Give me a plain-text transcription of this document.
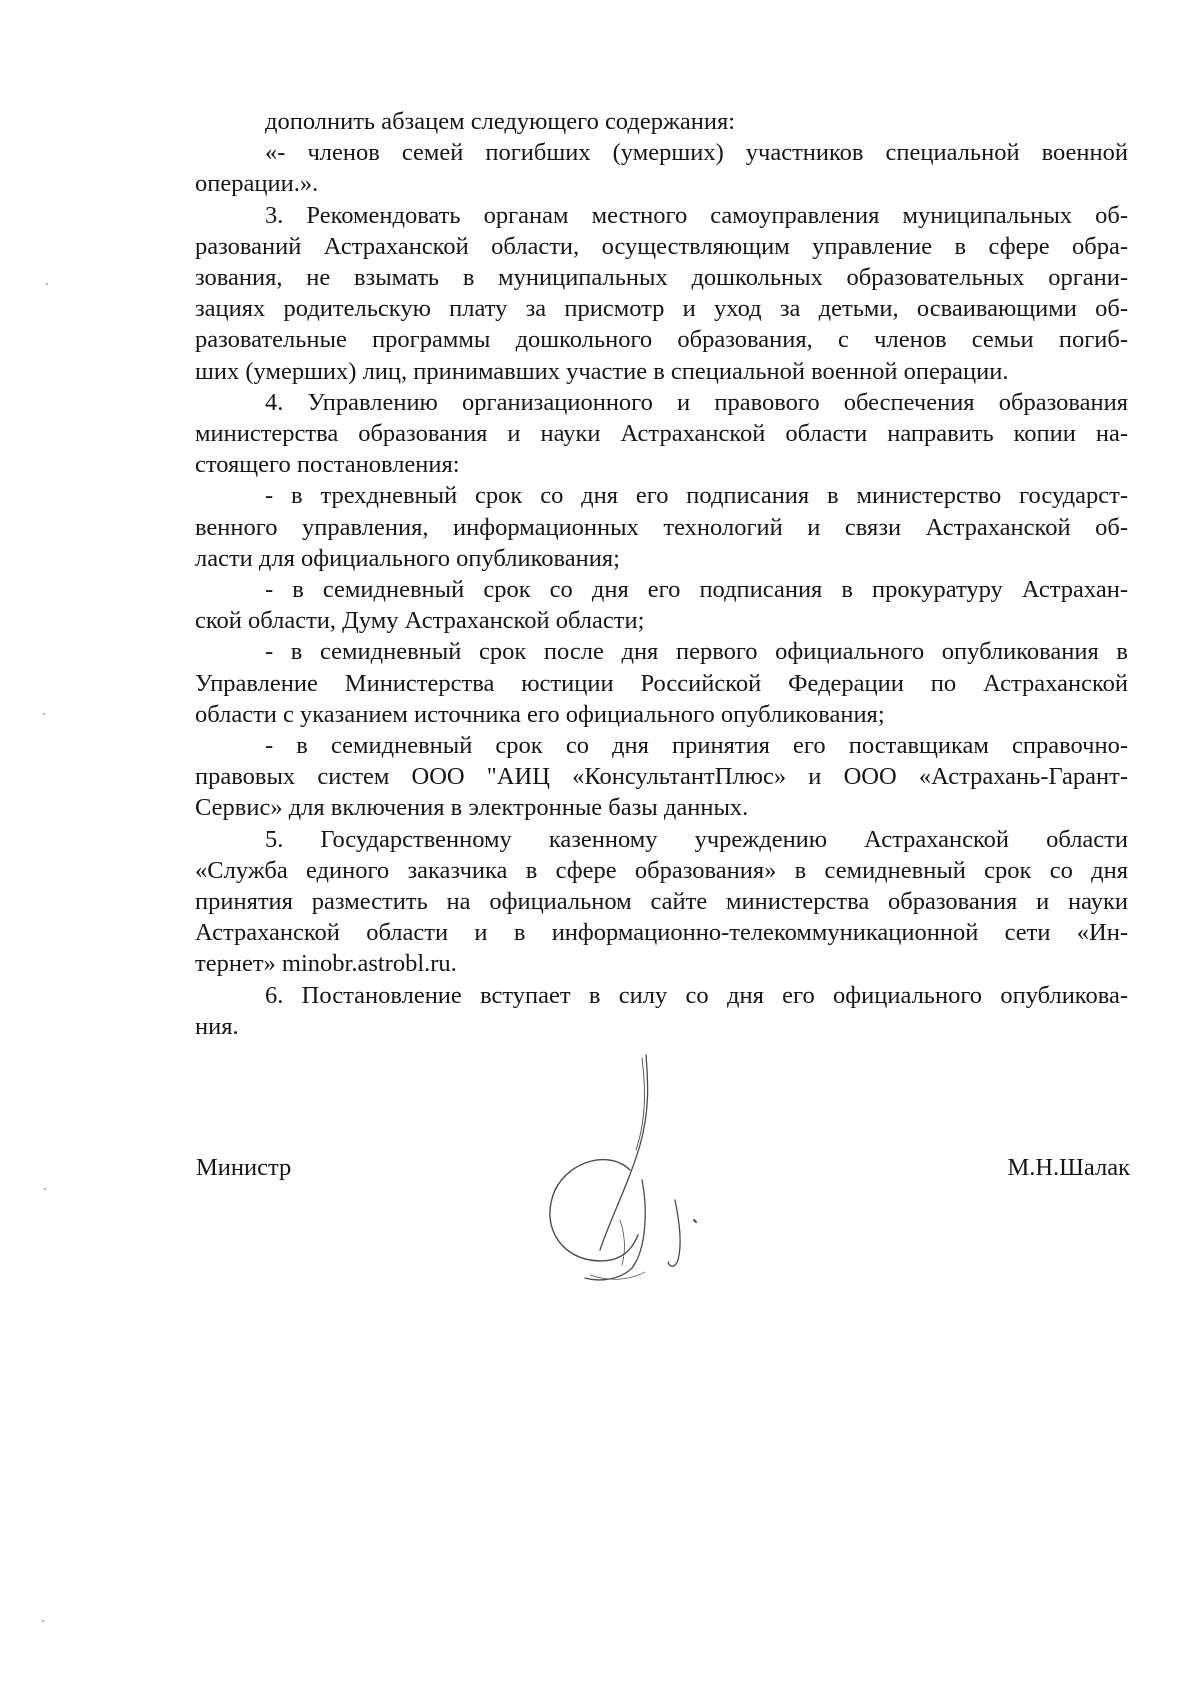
дополнить абзацем следующего содержания:
«- членов семей погибших (умерших) участников специальной военной
операции.».
3. Рекомендовать органам местного самоуправления муниципальных об-
разований Астраханской области, осуществляющим управление в сфере обра-
зования, не взымать в муниципальных дошкольных образовательных органи-
зациях родительскую плату за присмотр и уход за детьми, осваивающими об-
разовательные программы дошкольного образования, с членов семьи погиб-
ших (умерших) лиц, принимавших участие в специальной военной операции.
4. Управлению организационного и правового обеспечения образования
министерства образования и науки Астраханской области направить копии на-
стоящего постановления:
- в трехдневный срок со дня его подписания в министерство государст-
венного управления, информационных технологий и связи Астраханской об-
ласти для официального опубликования;
- в семидневный срок со дня его подписания в прокуратуру Астрахан-
ской области, Думу Астраханской области;
- в семидневный срок после дня первого официального опубликования в
Управление Министерства юстиции Российской Федерации по Астраханской
области с указанием источника его официального опубликования;
- в семидневный срок со дня принятия его поставщикам справочно-
правовых систем ООО "АИЦ «КонсультантПлюс» и ООО «Астрахань-Гарант-
Сервис» для включения в электронные базы данных.
5. Государственному казенному учреждению Астраханской области
«Служба единого заказчика в сфере образования» в семидневный срок со дня
принятия разместить на официальном сайте министерства образования и науки
Астраханской области и в информационно-телекоммуникационной сети «Ин-
тернет» minobr.astrobl.ru.
6. Постановление вступает в силу со дня его официального опубликова-
ния.
Министр	М.Н.Шалак
